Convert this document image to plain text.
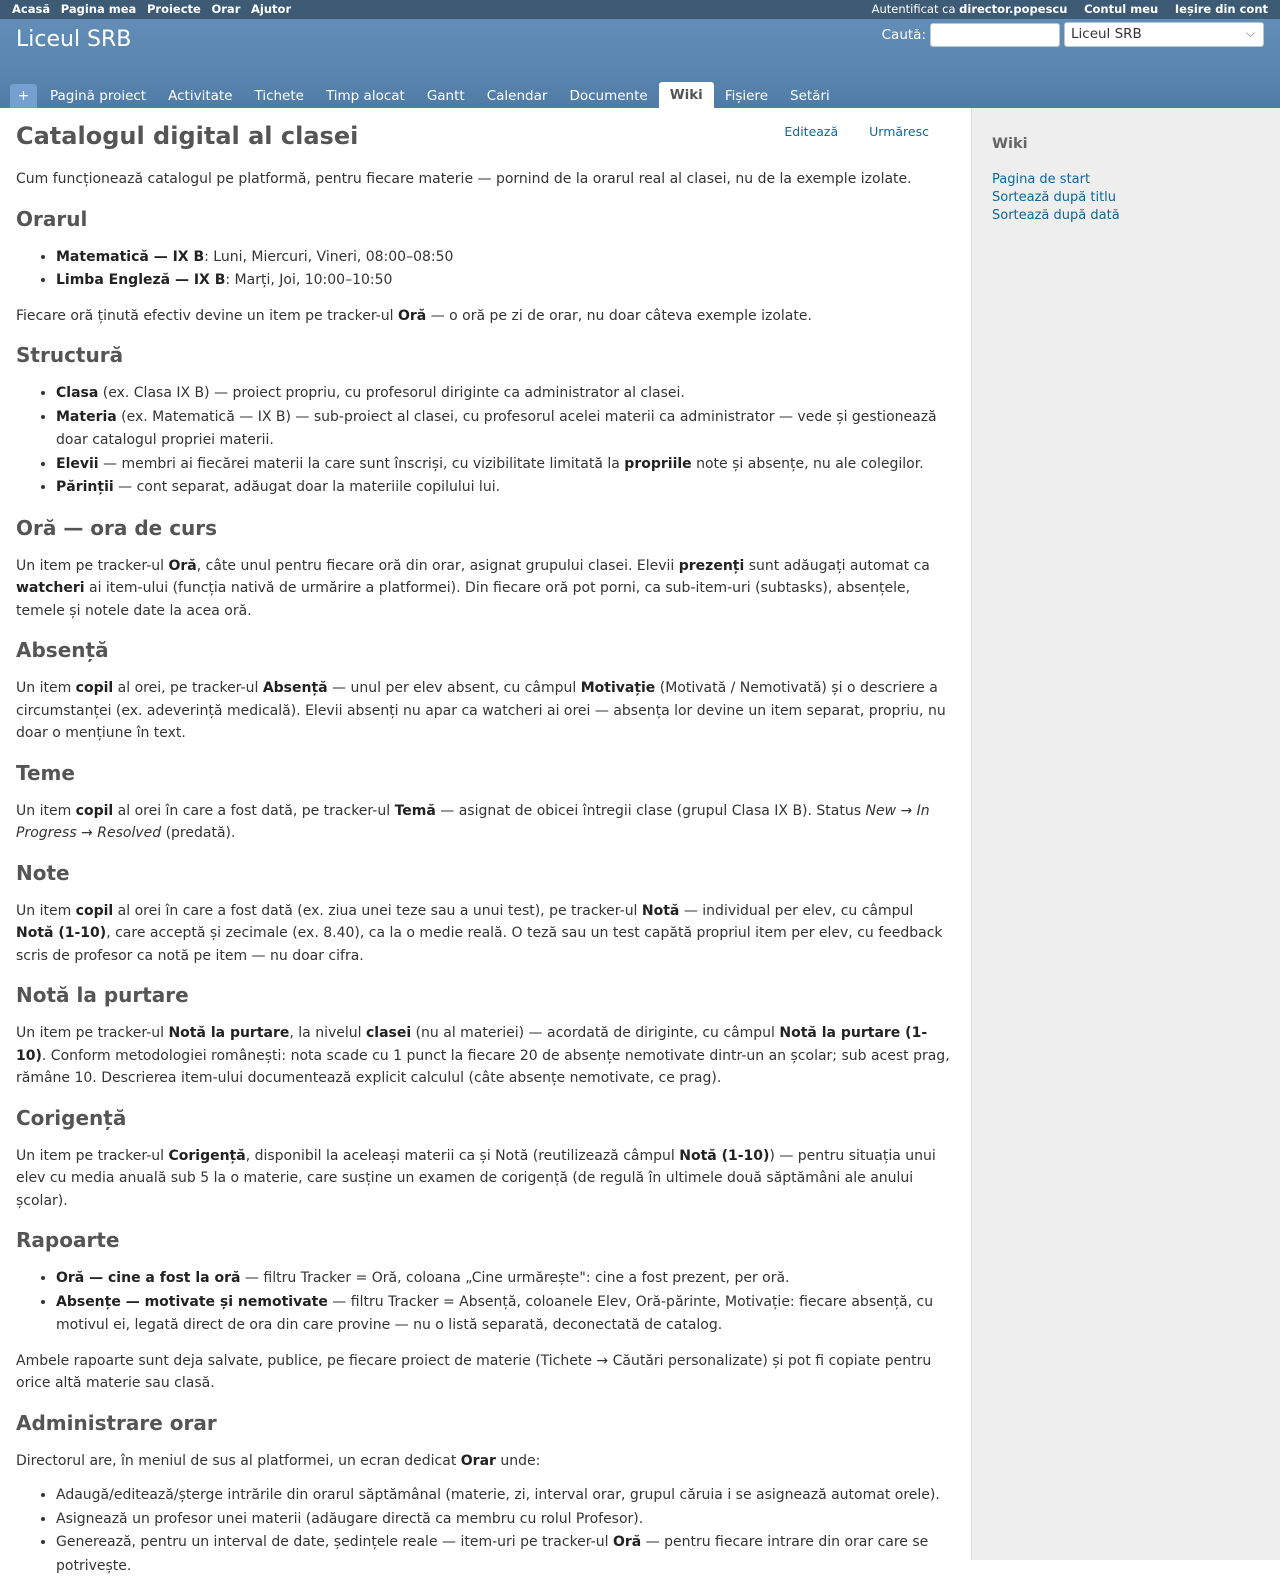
Acasă Pagina mea Proiecte Orar Ajutor	Autentificat ca director.popescu Contul meu Ieșire din cont
Liceul SRB	Caută:	Liceul SRB	⌵
+	Pagină proiect	Activitate	Tichete	Timp alocat	Gantt	Calendar	Documente	Wiki	Fișiere	Setări
Editează Urmăresc
Catalogul digital al clasei

Cum funcționează catalogul pe platformă, pentru fiecare materie — pornind de la orarul real al clasei, nu de la exemple izolate.

Orarul
• Matematică — IX B: Luni, Miercuri, Vineri, 08:00–08:50
• Limba Engleză — IX B: Marți, Joi, 10:00–10:50

Fiecare oră ținută efectiv devine un item pe tracker-ul Oră — o oră pe zi de orar, nu doar câteva exemple izolate.

Structură
• Clasa (ex. Clasa IX B) — proiect propriu, cu profesorul diriginte ca administrator al clasei.
• Materia (ex. Matematică — IX B) — sub-proiect al clasei, cu profesorul acelei materii ca administrator — vede și gestionează doar catalogul propriei materii.
• Elevii — membri ai fiecărei materii la care sunt înscriși, cu vizibilitate limitată la propriile note și absențe, nu ale colegilor.
• Părinții — cont separat, adăugat doar la materiile copilului lui.
Oră — ora de curs

Un item pe tracker-ul Oră, câte unul pentru fiecare oră din orar, asignat grupului clasei. Elevii prezenți sunt adăugați automat ca watcheri ai item-ului (funcția nativă de urmărire a platformei). Din fiecare oră pot porni, ca sub-item-uri (subtasks), absențele, temele și notele date la acea oră.

Absență

Un item copil al orei, pe tracker-ul Absență — unul per elev absent, cu câmpul Motivație (Motivată / Nemotivată) și o descriere a circumstanței (ex. adeverință medicală). Elevii absenți nu apar ca watcheri ai orei — absența lor devine un item separat, propriu, nu doar o mențiune în text.

Teme

Un item copil al orei în care a fost dată, pe tracker-ul Temă — asignat de obicei întregii clase (grupul Clasa IX B). Status New → In Progress → Resolved (predată).

Note

Un item copil al orei în care a fost dată (ex. ziua unei teze sau a unui test), pe tracker-ul Notă — individual per elev, cu câmpul Notă (1-10), care acceptă și zecimale (ex. 8.40), ca la o medie reală. O teză sau un test capătă propriul item per elev, cu feedback scris de profesor ca notă pe item — nu doar cifra.

Notă la purtare

Un item pe tracker-ul Notă la purtare, la nivelul clasei (nu al materiei) — acordată de diriginte, cu câmpul Notă la purtare (1-10). Conform metodologiei românești: nota scade cu 1 punct la fiecare 20 de absențe nemotivate dintr-un an școlar; sub acest prag, rămâne 10. Descrierea item-ului documentează explicit calculul (câte absențe nemotivate, ce prag).

Corigență

Un item pe tracker-ul Corigență, disponibil la aceleași materii ca și Notă (reutilizează câmpul Notă (1-10)) — pentru situația unui elev cu media anuală sub 5 la o materie, care susține un examen de corigență (de regulă în ultimele două săptămâni ale anului școlar).

Rapoarte
• Oră — cine a fost la oră — filtru Tracker = Oră, coloana „Cine urmărește": cine a fost prezent, per oră.
• Absențe — motivate și nemotivate — filtru Tracker = Absență, coloanele Elev, Oră-părinte, Motivație: fiecare absență, cu motivul ei, legată direct de ora din care provine — nu o listă separată, deconectată de catalog.

Ambele rapoarte sunt deja salvate, publice, pe fiecare proiect de materie (Tichete → Căutări personalizate) și pot fi copiate pentru orice altă materie sau clasă.

Administrare orar

Directorul are, în meniul de sus al platformei, un ecran dedicat Orar unde:

• Adaugă/editează/șterge intrările din orarul săptămânal (materie, zi, interval orar, grupul căruia i se asignează automat orele).
• Asignează un profesor unei materii (adăugare directă ca membru cu rolul Profesor).
• Generează, pentru un interval de date, ședințele reale — item-uri pe tracker-ul Oră — pentru fiecare intrare din orar care se potrivește.
Wiki
Pagina de start
Sortează după titlu
Sortează după dată
